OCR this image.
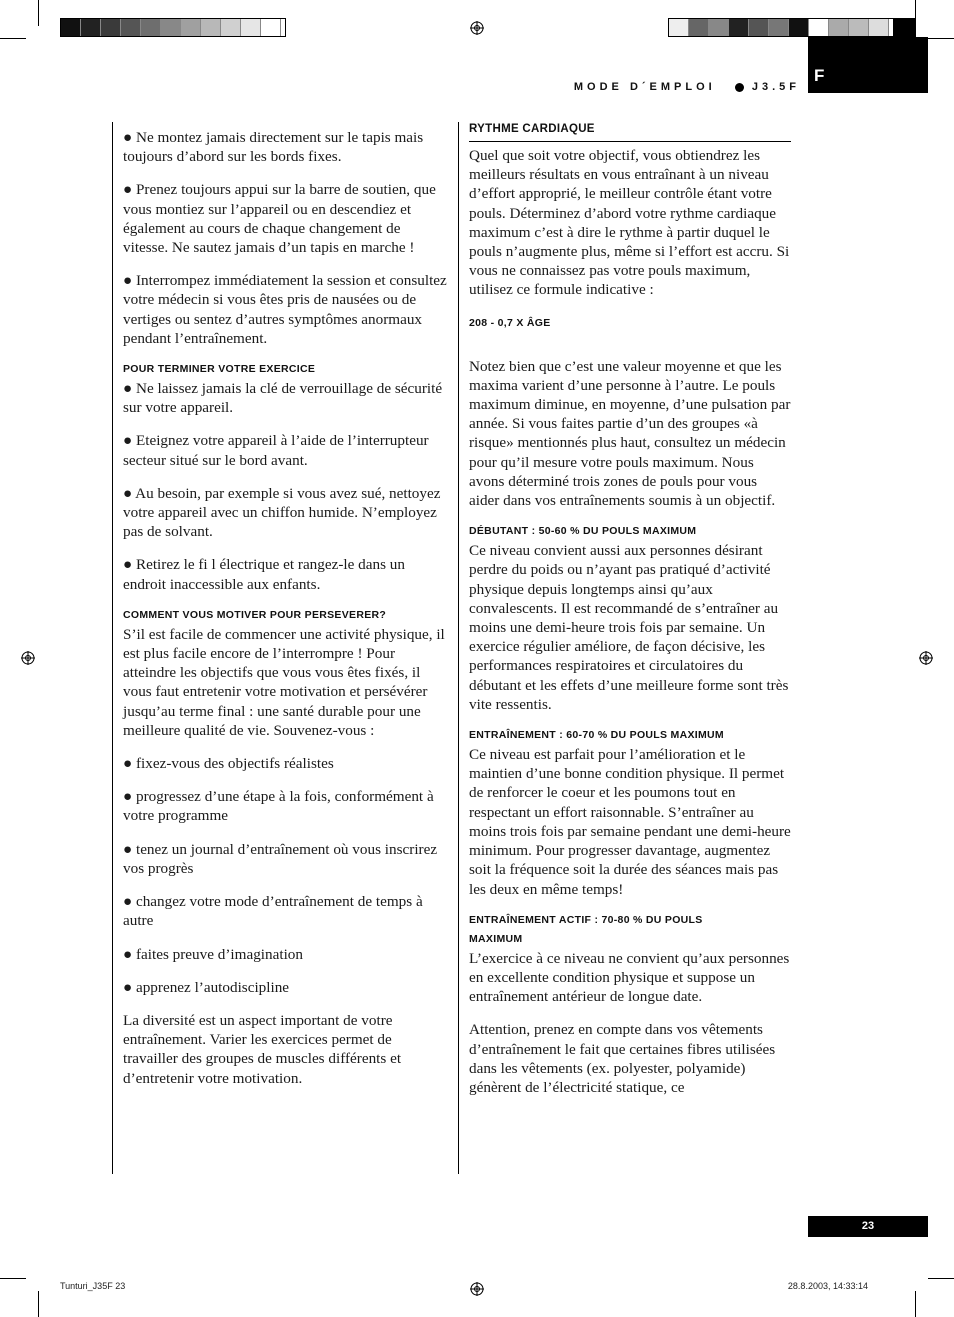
MODE D´EMPLOI	J3.5F
F

● Ne montez jamais directement sur le tapis mais toujours d’abord sur les bords fixes.

● Prenez toujours appui sur la barre de soutien, que vous montiez sur l’appareil ou en descendiez et également au cours de chaque changement de vitesse. Ne sautez jamais d’un tapis en marche !

● Interrompez immédiatement la session et consultez votre médecin si vous êtes pris de nausées ou de vertiges ou sentez d’autres symptômes anormaux pendant l’entraînement.

POUR TERMINER VOTRE EXERCICE

● Ne laissez jamais la clé de verrouillage de sécurité sur votre appareil.

● Eteignez votre appareil à l’aide de l’interrupteur secteur situé sur le bord avant.

● Au besoin, par exemple si vous avez sué, nettoyez votre appareil avec un chiffon humide. N’employez pas de solvant.

● Retirez le fi l électrique et rangez-le dans un endroit inaccessible aux enfants.

COMMENT VOUS MOTIVER POUR PERSEVERER?

S’il est facile de commencer une activité physique, il est plus facile encore de l’interrompre ! Pour atteindre les objectifs que vous vous êtes fixés, il vous faut entretenir votre motivation et persévérer jusqu’au terme final : une santé durable pour une meilleure qualité de vie. Souvenez-vous :

● fixez-vous des objectifs réalistes

● progressez d’une étape à la fois, conformément à votre programme

● tenez un journal d’entraînement où vous inscrirez vos progrès

● changez votre mode d’entraînement de temps à autre

● faites preuve d’imagination

● apprenez l’autodiscipline

La diversité est un aspect important de votre entraînement. Varier les exercices permet de travailler des groupes de muscles différents et d’entretenir votre motivation.

RYTHME CARDIAQUE

Quel que soit votre objectif, vous obtiendrez les meilleurs résultats en vous entraînant à un niveau d’effort approprié, le meilleur contrôle étant votre pouls. Déterminez d’abord votre rythme cardiaque maximum c’est à dire le rythme à partir duquel le pouls n’augmente plus, même si l’effort est accru. Si vous ne connaissez pas votre pouls maximum, utilisez ce formule indicative :

208 - 0,7 X ÂGE

Notez bien que c’est une valeur moyenne et que les maxima varient d’une personne à l’autre. Le pouls maximum diminue, en moyenne, d’une pulsation par année. Si vous faites partie d’un des groupes «à risque» mentionnés plus haut, consultez un médecin pour qu’il mesure votre pouls maximum. Nous avons déterminé trois zones de pouls pour vous aider dans vos entraînements soumis à un objectif.

DÉBUTANT : 50-60 % DU POULS MAXIMUM

Ce niveau convient aussi aux personnes désirant perdre du poids ou n’ayant pas pratiqué d’activité physique depuis longtemps ainsi qu’aux convalescents. Il est recommandé de s’entraîner au moins une demi-heure trois fois par semaine. Un exercice régulier améliore, de façon décisive, les performances respiratoires et circulatoires du débutant et les effets d’une meilleure forme sont très vite ressentis.

ENTRAÎNEMENT : 60-70 % DU POULS MAXIMUM

Ce niveau est parfait pour l’amélioration et le maintien d’une bonne condition physique. Il permet de renforcer le coeur et les poumons tout en respectant un effort raisonnable. S’entraîner au moins trois fois par semaine pendant une demi-heure minimum. Pour progresser davantage, augmentez soit la fréquence soit la durée des séances mais pas les deux en même temps!

ENTRAÎNEMENT ACTIF : 70-80 % DU POULS MAXIMUM

L’exercice à ce niveau ne convient qu’aux personnes en excellente condition physique et suppose un entraînement antérieur de longue date.

Attention, prenez en compte dans vos vêtements d’entraînement le fait que certaines fibres utilisées dans les vêtements (ex. polyester, polyamide) génèrent de l’électricité statique, ce

23
Tunturi_J35F 23	28.8.2003, 14:33:14
